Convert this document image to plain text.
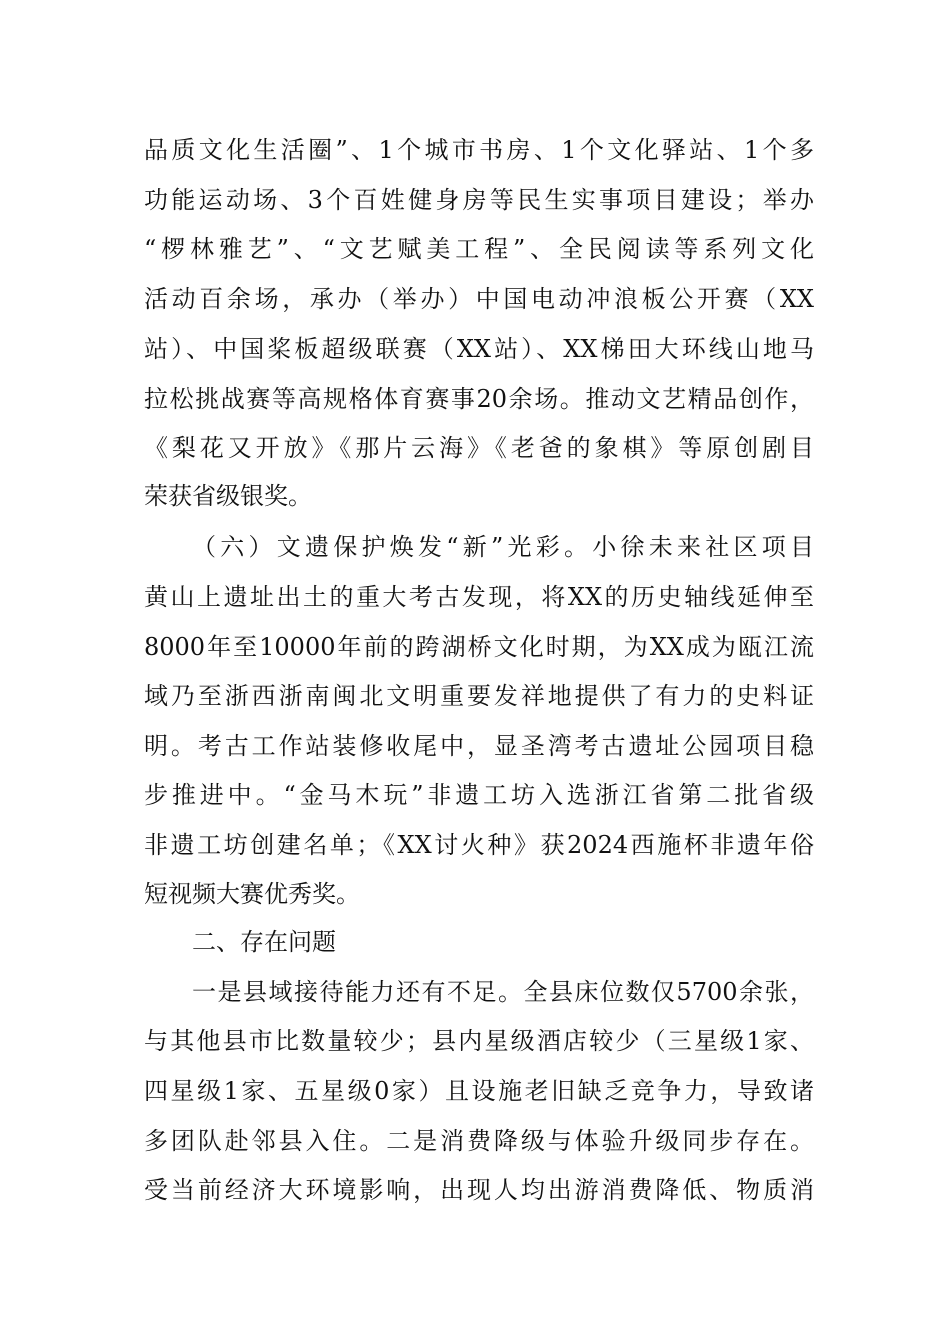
品质文化生活圈”、1个城市书房、1个文化驿站、1个多
功能运动场、3个百姓健身房等民生实事项目建设；举办
“椤林雅艺”、“文艺赋美工程”、全民阅读等系列文化
活动百余场，承办（举办）中国电动冲浪板公开赛（XX
站）、中国桨板超级联赛（XX站）、XX梯田大环线山地马
拉松挑战赛等高规格体育赛事20余场。推动文艺精品创作，
《梨花又开放》《那片云海》《老爸的象棋》等原创剧目
荣获省级银奖。
（六）文遗保护焕发“新”光彩。小徐未来社区项目
黄山上遗址出土的重大考古发现，将XX的历史轴线延伸至
8000年至10000年前的跨湖桥文化时期，为XX成为瓯江流
域乃至浙西浙南闽北文明重要发祥地提供了有力的史料证
明。考古工作站装修收尾中，显圣湾考古遗址公园项目稳
步推进中。“金马木玩”非遗工坊入选浙江省第二批省级
非遗工坊创建名单；《XX讨火种》获2024西施杯非遗年俗
短视频大赛优秀奖。
二、存在问题
一是县域接待能力还有不足。全县床位数仅5700余张，
与其他县市比数量较少；县内星级酒店较少（三星级1家、
四星级1家、五星级0家）且设施老旧缺乏竞争力，导致诸
多团队赴邻县入住。二是消费降级与体验升级同步存在。
受当前经济大环境影响，出现人均出游消费降低、物质消
